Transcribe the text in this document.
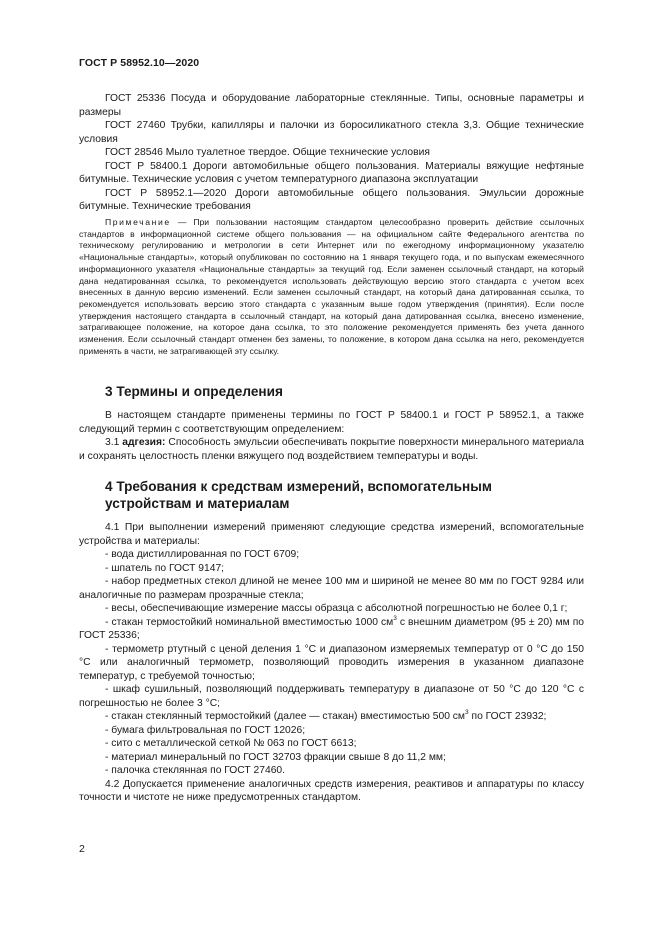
ГОСТ Р 58952.10—2020

ГОСТ 25336 Посуда и оборудование лабораторные стеклянные. Типы, основные параметры и размеры

ГОСТ 27460 Трубки, капилляры и палочки из боросиликатного стекла 3,3. Общие технические условия

ГОСТ 28546 Мыло туалетное твердое. Общие технические условия

ГОСТ Р 58400.1 Дороги автомобильные общего пользования. Материалы вяжущие нефтяные битумные. Технические условия с учетом температурного диапазона эксплуатации

ГОСТ Р 58952.1—2020 Дороги автомобильные общего пользования. Эмульсии дорожные битумные. Технические требования

Примечание — При пользовании настоящим стандартом целесообразно проверить действие ссылочных стандартов в информационной системе общего пользования — на официальном сайте Федерального агентства по техническому регулированию и метрологии в сети Интернет или по ежегодному информационному указателю «Национальные стандарты», который опубликован по состоянию на 1 января текущего года, и по выпускам ежемесячного информационного указателя «Национальные стандарты» за текущий год. Если заменен ссылочный стандарт, на который дана недатированная ссылка, то рекомендуется использовать действующую версию этого стандарта с учетом всех внесенных в данную версию изменений. Если заменен ссылочный стандарт, на который дана датированная ссылка, то рекомендуется использовать версию этого стандарта с указанным выше годом утверждения (принятия). Если после утверждения настоящего стандарта в ссылочный стандарт, на который дана датированная ссылка, внесено изменение, затрагивающее положение, на которое дана ссылка, то это положение рекомендуется применять без учета данного изменения. Если ссылочный стандарт отменен без замены, то положение, в котором дана ссылка на него, рекомендуется применять в части, не затрагивающей эту ссылку.

3 Термины и определения

В настоящем стандарте применены термины по ГОСТ Р 58400.1 и ГОСТ Р 58952.1, а также следующий термин с соответствующим определением:

3.1 адгезия: Способность эмульсии обеспечивать покрытие поверхности минерального материала и сохранять целостность пленки вяжущего под воздействием температуры и воды.

4 Требования к средствам измерений, вспомогательным устройствам и материалам

4.1 При выполнении измерений применяют следующие средства измерений, вспомогательные устройства и материалы:

- вода дистиллированная по ГОСТ 6709;

- шпатель по ГОСТ 9147;

- набор предметных стекол длиной не менее 100 мм и шириной не менее 80 мм по ГОСТ 9284 или аналогичные по размерам прозрачные стекла;

- весы, обеспечивающие измерение массы образца с абсолютной погрешностью не более 0,1 г;

- стакан термостойкий номинальной вместимостью 1000 $см^3$ с внешним диаметром (95 ± 20) мм по ГОСТ 25336;

- термометр ртутный с ценой деления 1 °С и диапазоном измеряемых температур от 0 °С до 150 °С или аналогичный термометр, позволяющий проводить измерения в указанном диапазоне температур, с требуемой точностью;

- шкаф сушильный, позволяющий поддерживать температуру в диапазоне от 50 °С до 120 °С с погрешностью не более 3 °С;

- стакан стеклянный термостойкий (далее — стакан) вместимостью 500 $см^3$ по ГОСТ 23932;

- бумага фильтровальная по ГОСТ 12026;

- сито с металлической сеткой № 063 по ГОСТ 6613;

- материал минеральный по ГОСТ 32703 фракции свыше 8 до 11,2 мм;

- палочка стеклянная по ГОСТ 27460.

4.2 Допускается применение аналогичных средств измерения, реактивов и аппаратуры по классу точности и чистоте не ниже предусмотренных стандартом.

2
